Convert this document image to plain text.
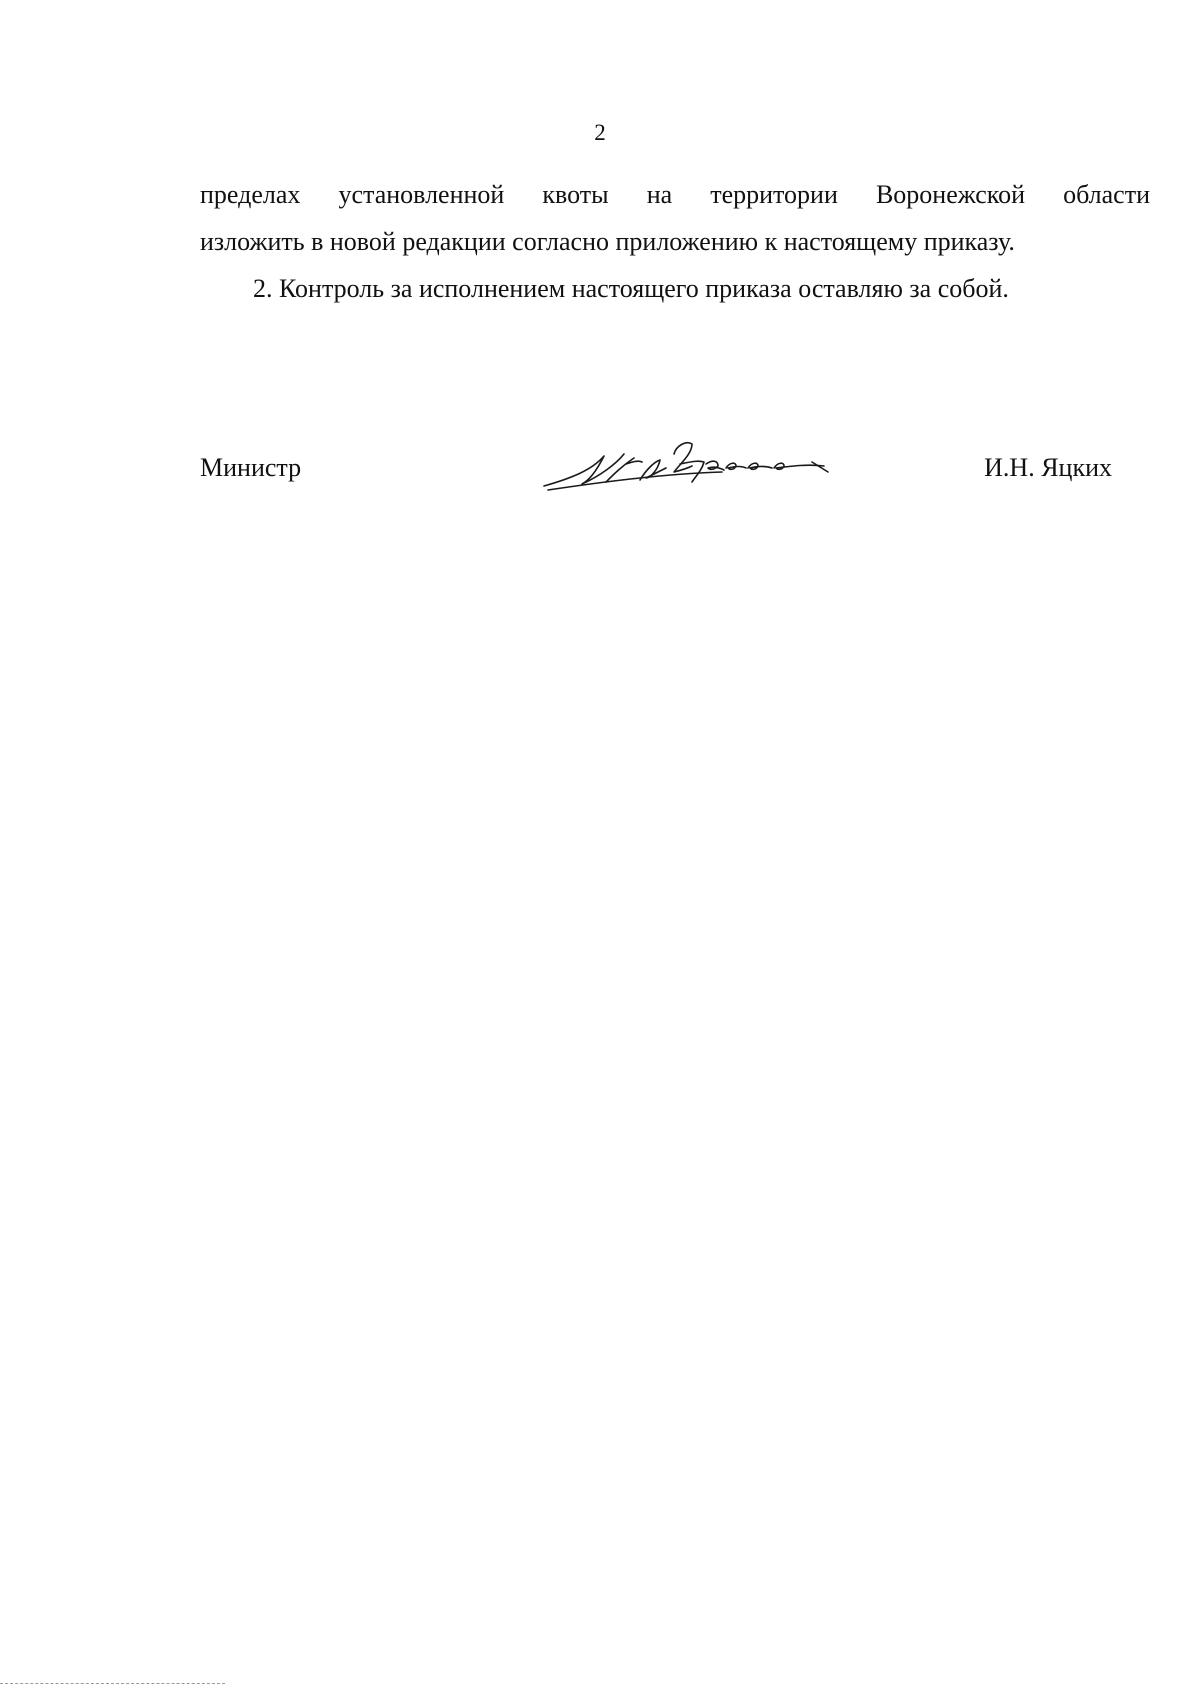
2

пределах установленной квоты на территории Воронежской области
изложить в новой редакции согласно приложению к настоящему приказу.

2. Контроль за исполнением настоящего приказа оставляю за собой.

Министр	И.Н. Яцких
